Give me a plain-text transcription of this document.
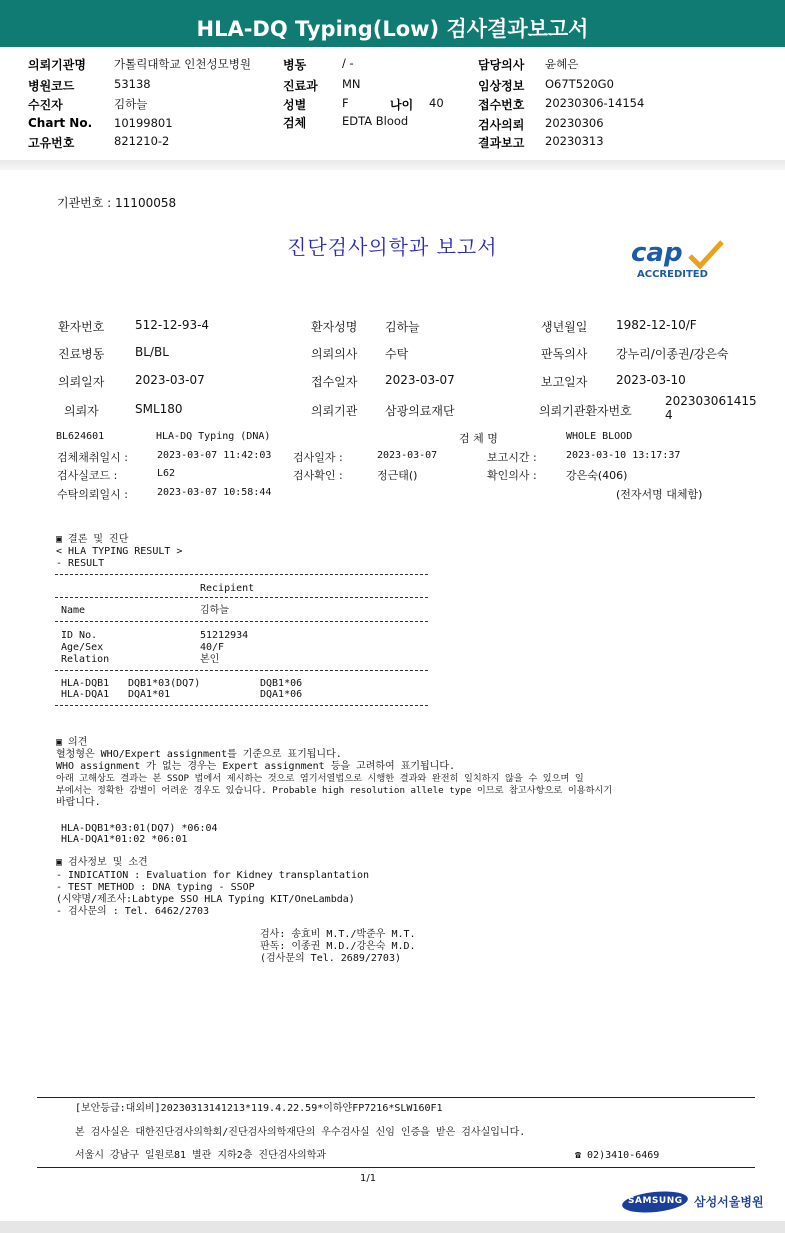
HLA-DQ Typing(Low) 검사결과보고서
의뢰기관명 가톨릭대학교 인천성모병원
병원코드	53138
수진자	김하늘
Chart No. 10199801
고유번호	821210-2
병동	/ -
진료과 MN
성별	F	나이 40
검체	EDTA Blood
담당의사 윤혜은
임상정보 O67T520G0
접수번호 20230306-14154
검사의뢰 20230306
결과보고 20230313
기관번호 : 11100058
진단검사의학과 보고서	cap
ACCREDITED
환자번호	512-12-93-4	환자성명 김하늘	생년월일 1982-12-10/F
진료병동	BL/BL	의뢰의사 수탁	판독의사 강누리/이종권/강은숙
의뢰일자	2023-03-07	접수일자 2023-03-07	보고일자 2023-03-10
의뢰자	SML180	의뢰기관 삼광의료재단	의뢰기관환자번호
202303061415
4
BL624601	HLA-DQ Typing (DNA)	검 체 명	WHOLE BLOOD
검체채취일시 :	2023-03-07 11:42:03 검사일자 :	2023-03-07	보고시간 :	2023-03-10 13:17:37
검사실코드 :	L62	검사확인 :	정근태()	확인의사 :	강은숙(406)
수탁의뢰일시 :	2023-03-07 10:58:44	(전자서명 대체함)
▣ 결론 및 진단
< HLA TYPING RESULT >
- RESULT
Recipient
Name	김하늘
ID No.	51212934
Age/Sex	40/F
Relation	본인
HLA-DQB1 DQB1*03(DQ7)	DQB1*06
HLA-DQA1 DQA1*01	DQA1*06
▣ 의견
혈청형은 WHO/Expert assignment를 기준으로 표기됩니다.
WHO assignment 가 없는 경우는 Expert assignment 등을 고려하여 표기됩니다.
아래 고해상도 결과는 본 SSOP 법에서 제시하는 것으로 염기서열법으로 시행한 결과와 완전히 일치하지 않을 수 있으며 일
부에서는 정확한 감별이 어려운 경우도 있습니다. Probable high resolution allele type 이므로 참고사항으로 이용하시기
바랍니다.
HLA-DQB1*03:01(DQ7) *06:04
HLA-DQA1*01:02 *06:01
▣ 검사정보 및 소견
- INDICATION : Evaluation for Kidney transplantation
- TEST METHOD : DNA typing - SSOP
(시약명/제조사:Labtype SSO HLA Typing KIT/OneLambda)
- 검사문의 : Tel. 6462/2703
검사: 송효비 M.T./박준우 M.T.
판독: 이종권 M.D./강은숙 M.D.
(검사문의 Tel. 2689/2703)
[보안등급:대외비]20230313141213*119.4.22.59*이하얀FP7216*SLW160F1
본 검사실은 대한진단검사의학회/진단검사의학재단의 우수검사실 신임 인증을 받은 검사실입니다.
서울시 강남구 일원로81 별관 지하2층 진단검사의학과	☎ 02)3410-6469
1/1
SAMSUNG 삼성서울병원
